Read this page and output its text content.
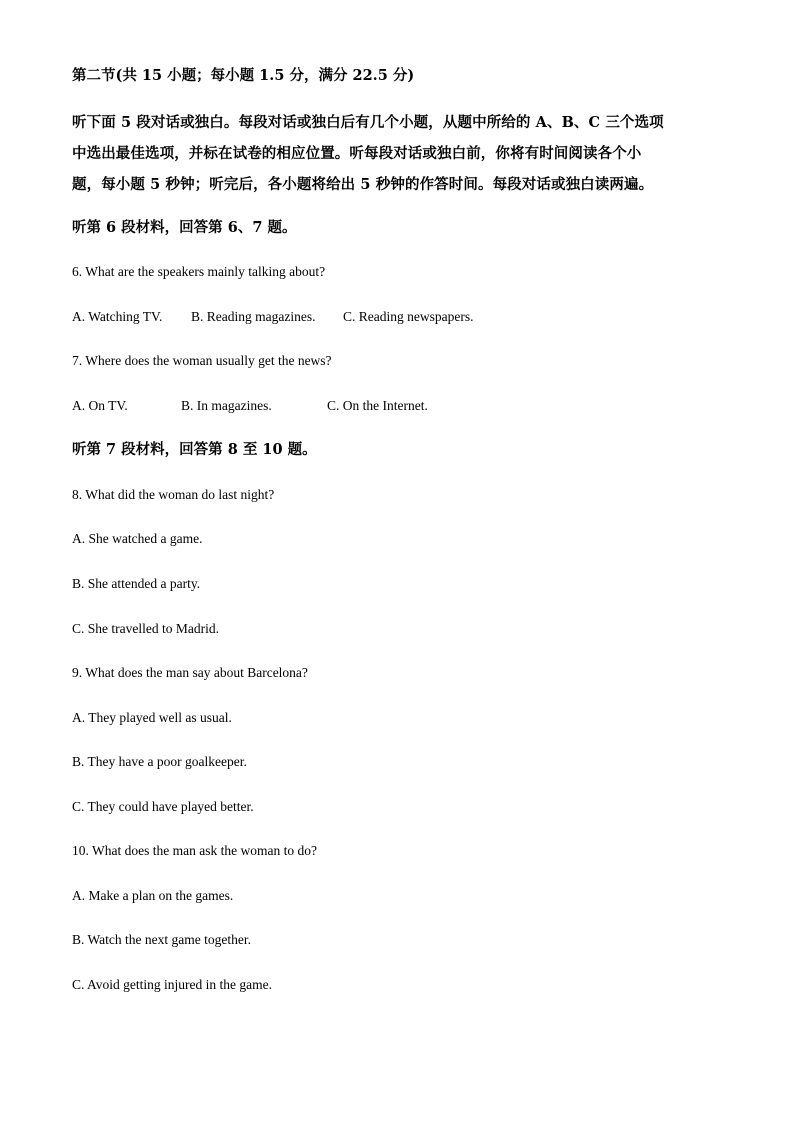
第二节(共 15 小题；每小题 1.5 分，满分 22.5 分)
听下面 5 段对话或独白。每段对话或独白后有几个小题，从题中所给的 A、B、C 三个选项
中选出最佳选项，并标在试卷的相应位置。听每段对话或独白前，你将有时间阅读各个小
题，每小题 5 秒钟；听完后，各小题将给出 5 秒钟的作答时间。每段对话或独白读两遍。
听第 6 段材料，回答第 6、7 题。
6. What are the speakers mainly talking about?
A. Watching TV. B. Reading magazines. C. Reading newspapers.
7. Where does the woman usually get the news?
A. On TV.	B. In magazines.	C. On the Internet.
听第 7 段材料，回答第 8 至 10 题。
8. What did the woman do last night?
A. She watched a game.
B. She attended a party.
C. She travelled to Madrid.
9. What does the man say about Barcelona?
A. They played well as usual.
B. They have a poor goalkeeper.
C. They could have played better.
10. What does the man ask the woman to do?
A. Make a plan on the games.
B. Watch the next game together.
C. Avoid getting injured in the game.
